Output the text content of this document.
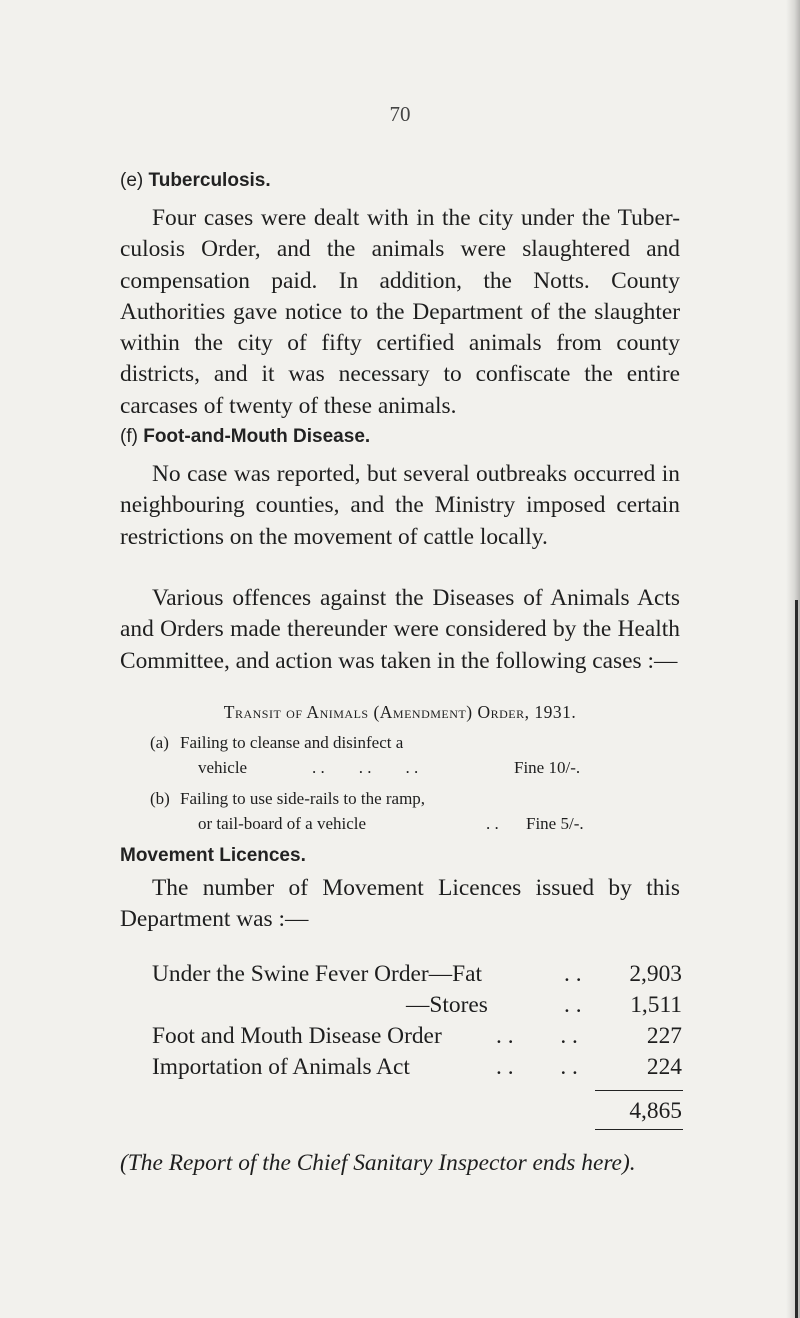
70
(e) Tuberculosis.

Four cases were dealt with in the city under the Tuber-culosis Order, and the animals were slaughtered and compensation paid. In addition, the Notts. County Authorities gave notice to the Department of the slaughter within the city of fifty certified animals from county districts, and it was necessary to confiscate the entire carcases of twenty of these animals.

(f) Foot-and-Mouth Disease.

No case was reported, but several outbreaks occurred in neighbouring counties, and the Ministry imposed certain restrictions on the movement of cattle locally.

Various offences against the Diseases of Animals Acts and Orders made thereunder were considered by the Health Committee, and action was taken in the following cases :—

Transit of Animals (Amendment) Order, 1931.
(a) Failing to cleanse and disinfect a
vehicle	. .        . .        . .	Fine 10/-.
(b) Failing to use side-rails to the ramp,
or tail-board of a vehicle	. . Fine 5/-.
Movement Licences.

The number of Movement Licences issued by this Department was :—

Under the Swine Fever Order—Fat	. . 2,903
—Stores	. . 1,511
Foot and Mouth Disease Order . .        . .	227
Importation of Animals Act	. .        . .	224
4,865
(The Report of the Chief Sanitary Inspector ends here).
